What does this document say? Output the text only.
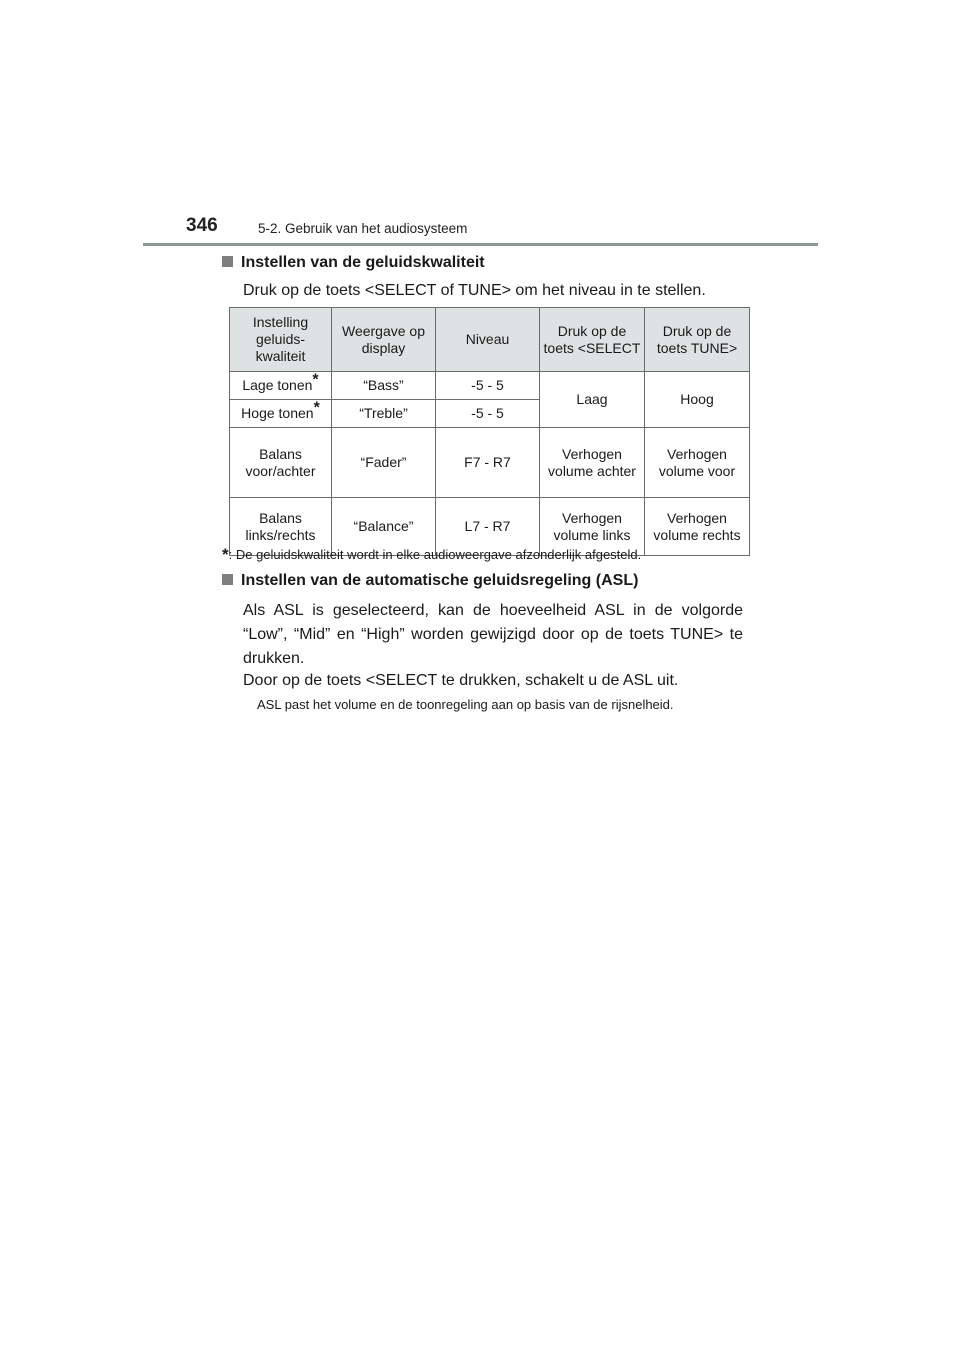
346	5-2. Gebruik van het audiosysteem
Instellen van de geluidskwaliteit
Druk op de toets <SELECT of TUNE> om het niveau in te stellen.
Instelling geluids- kwaliteit	Weergave op display	Niveau	Druk op de toets <SELECT	Druk op de toets TUNE>
Lage tonen*	“Bass”	-5 - 5	Laag	Hoog
Hoge tonen*	“Treble”	-5 - 5		
Balans voor/achter	“Fader”	F7 - R7	Verhogen volume achter	Verhogen volume voor
Balans links/rechts	“Balance”	L7 - R7	Verhogen volume links	Verhogen volume rechts
*: De geluidskwaliteit wordt in elke audioweergave afzonderlijk afgesteld.
Instellen van de automatische geluidsregeling (ASL)
Als ASL is geselecteerd, kan de hoeveelheid ASL in de volgorde “Low”, “Mid” en “High” worden gewijzigd door op de toets TUNE> te drukken.
Door op de toets <SELECT te drukken, schakelt u de ASL uit.
ASL past het volume en de toonregeling aan op basis van de rijsnelheid.
